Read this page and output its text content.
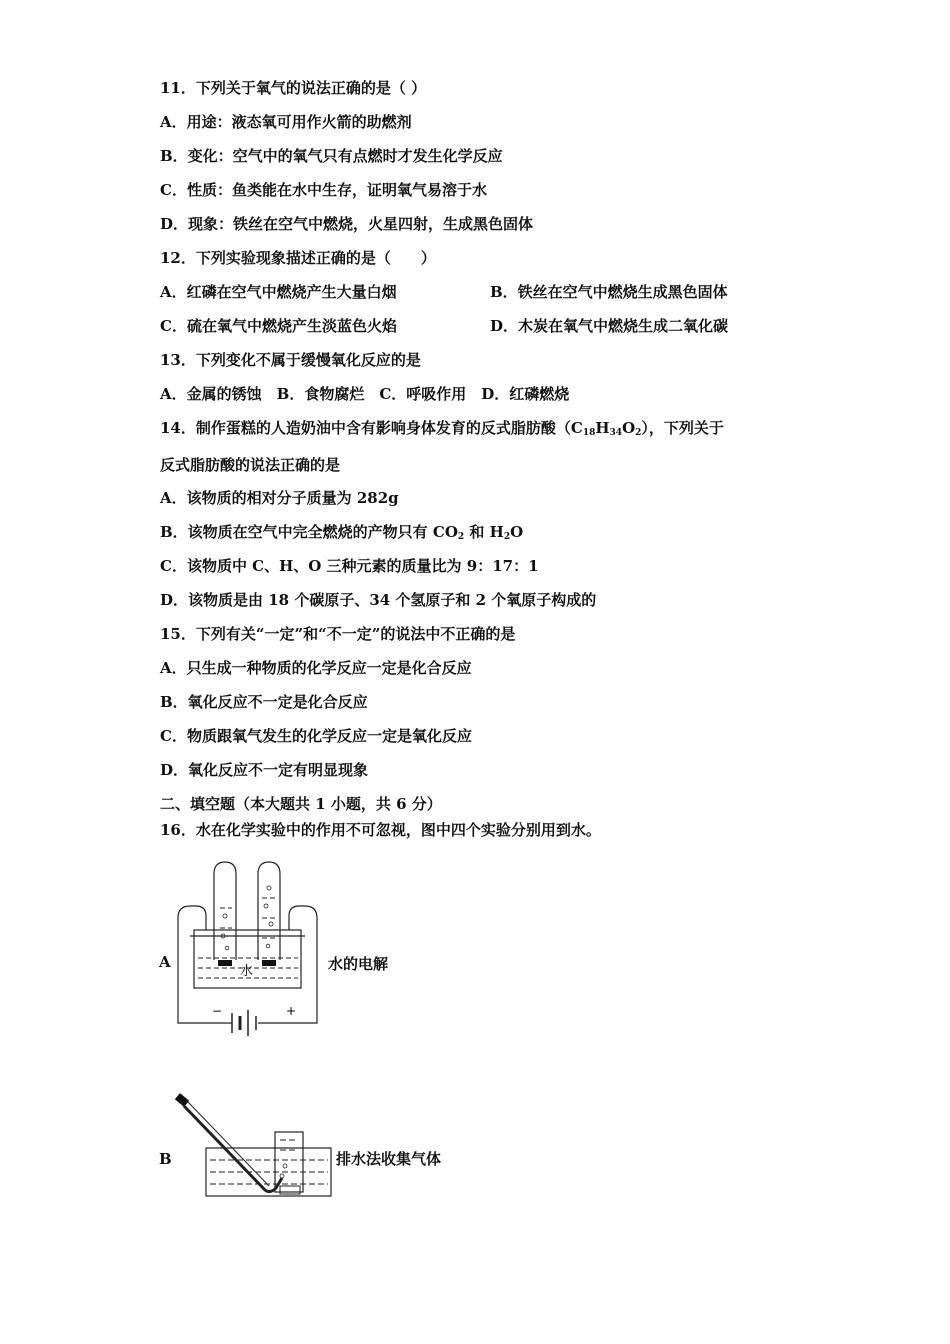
11．下列关于氧气的说法正确的是（ ）
A．用途：液态氧可用作火箭的助燃剂
B．变化：空气中的氧气只有点燃时才发生化学反应
C．性质：鱼类能在水中生存，证明氧气易溶于水
D．现象：铁丝在空气中燃烧，火星四射，生成黑色固体
12．下列实验现象描述正确的是（　　）
A．红磷在空气中燃烧产生大量白烟	B．铁丝在空气中燃烧生成黑色固体
C．硫在氧气中燃烧产生淡蓝色火焰	D．木炭在氧气中燃烧生成二氧化碳
13．下列变化不属于缓慢氧化反应的是
A．金属的锈蚀　B．食物腐烂　C．呼吸作用　D．红磷燃烧
14．制作蛋糕的人造奶油中含有影响身体发育的反式脂肪酸$(C_{18}H_{34}O_2)$，下列关于
反式脂肪酸的说法正确的是
A．该物质的相对分子质量为 282g
B．该物质在空气中完全燃烧的产物只有 $CO_2$ 和 $H_2O$
C．该物质中 C、H、O 三种元素的质量比为 9：17：1
D．该物质是由 18 个碳原子、34 个氢原子和 2 个氧原子构成的
15．下列有关“一定”和“不一定”的说法中不正确的是
A．只生成一种物质的化学反应一定是化合反应
B．氧化反应不一定是化合反应
C．物质跟氧气发生的化学反应一定是氧化反应
D．氧化反应不一定有明显现象
二、填空题（本大题共 1 小题，共 6 分）
16．水在化学实验中的作用不可忽视，图中四个实验分别用到水。
A	水的电解
水
−	+
B	排水法收集气体
